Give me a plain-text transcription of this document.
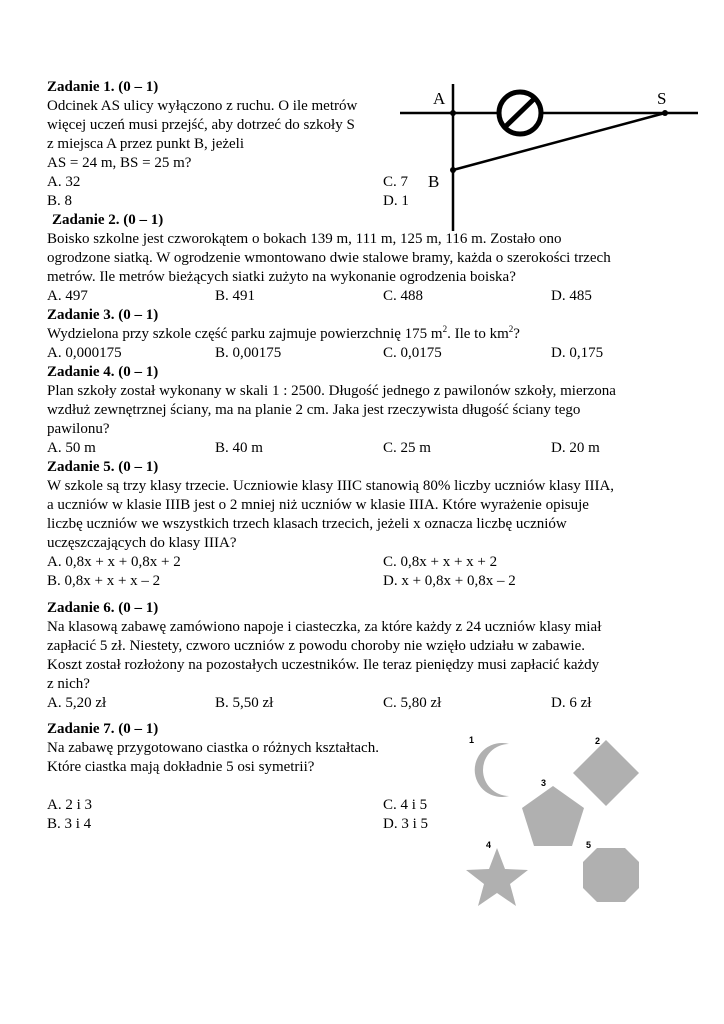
Zadanie 1. (0 – 1)
Odcinek AS ulicy wyłączono z ruchu. O ile metrów
więcej uczeń musi przejść, aby dotrzeć do szkoły S
z miejsca A przez punkt B, jeżeli
AS = 24 m, BS = 25 m?
A. 32
B. 8
C. 7
D. 1
A	S
B
Zadanie 2. (0 – 1)
Boisko szkolne jest czworokątem o bokach 139 m, 111 m, 125 m, 116 m. Zostało ono
ogrodzone siatką. W ogrodzenie wmontowano dwie stalowe bramy, każda o szerokości trzech
metrów. Ile metrów bieżących siatki zużyto na wykonanie ogrodzenia boiska?
A. 497	B. 491	C. 488	D. 485
Zadanie 3. (0 – 1)
Wydzielona przy szkole część parku zajmuje powierzchnię 175 $m^2$. Ile to $km^2$?
A. 0,000175	B. 0,00175	C. 0,0175	D. 0,175
Zadanie 4. (0 – 1)
Plan szkoły został wykonany w skali 1 : 2500. Długość jednego z pawilonów szkoły, mierzona
wzdłuż zewnętrznej ściany, ma na planie 2 cm. Jaka jest rzeczywista długość ściany tego
pawilonu?
A. 50 m	B. 40 m	C. 25 m	D. 20 m
Zadanie 5. (0 – 1)
W szkole są trzy klasy trzecie. Uczniowie klasy IIIC stanowią 80% liczby uczniów klasy IIIA,
a uczniów w klasie IIIB jest o 2 mniej niż uczniów w klasie IIIA. Które wyrażenie opisuje
liczbę uczniów we wszystkich trzech klasach trzecich, jeżeli x oznacza liczbę uczniów
uczęszczających do klasy IIIA?
A. 0,8x + x + 0,8x + 2	C. 0,8x + x + x + 2
B. 0,8x + x + x – 2	D. x + 0,8x + 0,8x – 2
Zadanie 6. (0 – 1)
Na klasową zabawę zamówiono napoje i ciasteczka, za które każdy z 24 uczniów klasy miał
zapłacić 5 zł. Niestety, czworo uczniów z powodu choroby nie wzięło udziału w zabawie.
Koszt został rozłożony na pozostałych uczestników. Ile teraz pieniędzy musi zapłacić każdy
z nich?
A. 5,20 zł	B. 5,50 zł	C. 5,80 zł	D. 6 zł
Zadanie 7. (0 – 1)
Na zabawę przygotowano ciastka o różnych kształtach.
Które ciastka mają dokładnie 5 osi symetrii?
A. 2 i 3	C. 4 i 5
B. 3 i 4	D. 3 i 5
1	2
3
4	5
